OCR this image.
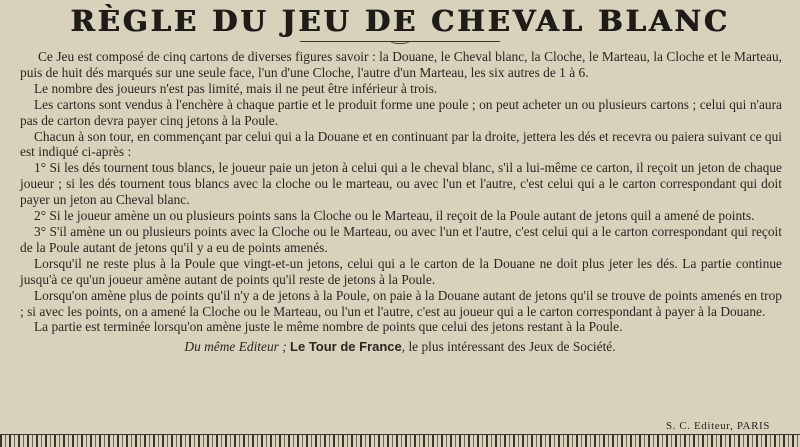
RÈGLE DU JEU DE CHEVAL BLANC

Ce Jeu est composé de cinq cartons de diverses figures savoir : la Douane, le Cheval blanc, la Cloche, le Marteau, la Cloche et le Marteau, puis de huit dés marqués sur une seule face, l'un d'une Cloche, l'autre d'un Marteau, les six autres de 1 à 6.

Le nombre des joueurs n'est pas limité, mais il ne peut être inférieur à trois.

Les cartons sont vendus à l'enchère à chaque partie et le produit forme une poule ; on peut acheter un ou plusieurs cartons ; celui qui n'aura pas de carton devra payer cinq jetons à la Poule.

Chacun à son tour, en commençant par celui qui a la Douane et en continuant par la droite, jettera les dés et recevra ou paiera suivant ce qui est indiqué ci-après :

1° Si les dés tournent tous blancs, le joueur paie un jeton à celui qui a le cheval blanc, s'il a lui-même ce carton, il reçoit un jeton de chaque joueur ; si les dés tournent tous blancs avec la cloche ou le marteau, ou avec l'un et l'autre, c'est celui qui a le carton correspondant qui doit payer un jeton au Cheval blanc.

2° Si le joueur amène un ou plusieurs points sans la Cloche ou le Marteau, il reçoit de la Poule autant de jetons quil a amené de points.

3° S'il amène un ou plusieurs points avec la Cloche ou le Marteau, ou avec l'un et l'autre, c'est celui qui a le carton correspondant qui reçoit de la Poule autant de jetons qu'il y a eu de points amenés.

Lorsqu'il ne reste plus à la Poule que vingt-et-un jetons, celui qui a le carton de la Douane ne doit plus jeter les dés. La partie continue jusqu'à ce qu'un joueur amène autant de points qu'il reste de jetons à la Poule.

Lorsqu'on amène plus de points qu'il n'y a de jetons à la Poule, on paie à la Douane autant de jetons qu'il se trouve de points amenés en trop ; si avec les points, on a amené la Cloche ou le Marteau, ou l'un et l'autre, c'est au joueur qui a le carton correspondant à payer à la Douane.

La partie est terminée lorsqu'on amène juste le même nombre de points que celui des jetons restant à la Poule.

Du même Editeur ; Le Tour de France, le plus intéressant des Jeux de Société.
S. C. Editeur, PARIS
